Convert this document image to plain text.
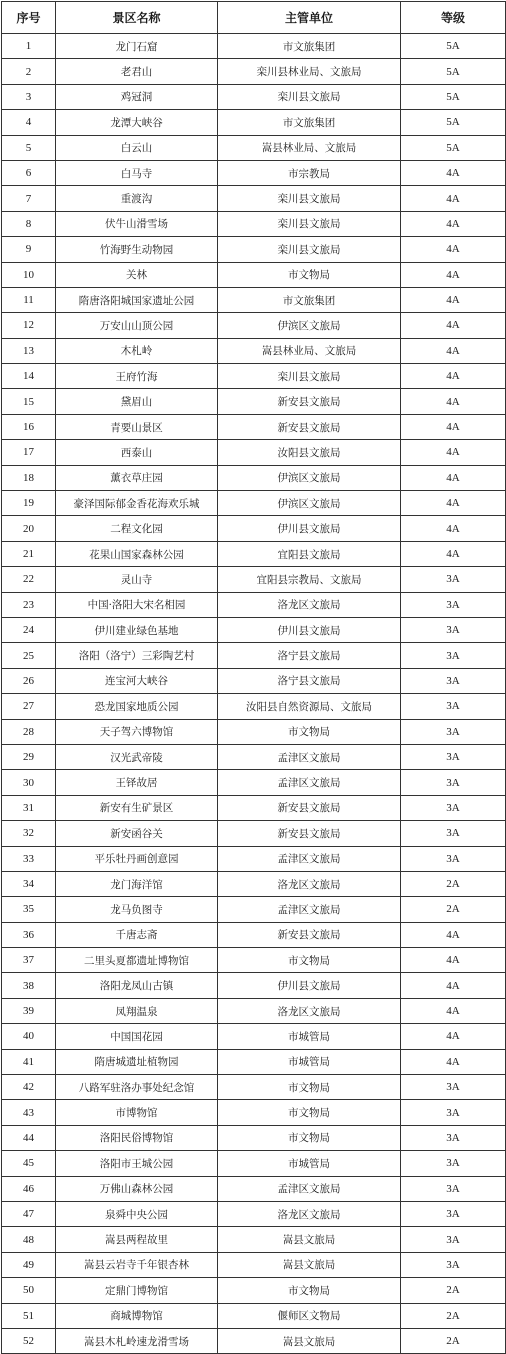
序号	景区名称	主管单位	等级
1	龙门石窟	市文旅集团	5A
2	老君山	栾川县林业局、文旅局	5A
3	鸡冠洞	栾川县文旅局	5A
4	龙潭大峡谷	市文旅集团	5A
5	白云山	嵩县林业局、文旅局	5A
6	白马寺	市宗教局	4A
7	重渡沟	栾川县文旅局	4A
8	伏牛山滑雪场	栾川县文旅局	4A
9	竹海野生动物园	栾川县文旅局	4A
10	关林	市文物局	4A
11	隋唐洛阳城国家遗址公园	市文旅集团	4A
12	万安山山顶公园	伊滨区文旅局	4A
13	木札岭	嵩县林业局、文旅局	4A
14	王府竹海	栾川县文旅局	4A
15	黛眉山	新安县文旅局	4A
16	青要山景区	新安县文旅局	4A
17	西泰山	汝阳县文旅局	4A
18	薰衣草庄园	伊滨区文旅局	4A
19	豪泽国际郁金香花海欢乐城	伊滨区文旅局	4A
20	二程文化园	伊川县文旅局	4A
21	花果山国家森林公园	宜阳县文旅局	4A
22	灵山寺	宜阳县宗教局、文旅局	3A
23	中国·洛阳大宋名相园	洛龙区文旅局	3A
24	伊川建业绿色基地	伊川县文旅局	3A
25	洛阳（洛宁）三彩陶艺村	洛宁县文旅局	3A
26	连宝河大峡谷	洛宁县文旅局	3A
27	恐龙国家地质公园	汝阳县自然资源局、文旅局	3A
28	天子驾六博物馆	市文物局	3A
29	汉光武帝陵	孟津区文旅局	3A
30	王铎故居	孟津区文旅局	3A
31	新安有生矿景区	新安县文旅局	3A
32	新安函谷关	新安县文旅局	3A
33	平乐牡丹画创意园	孟津区文旅局	3A
34	龙门海洋馆	洛龙区文旅局	2A
35	龙马负图寺	孟津区文旅局	2A
36	千唐志斋	新安县文旅局	4A
37	二里头夏都遗址博物馆	市文物局	4A
38	洛阳龙凤山古镇	伊川县文旅局	4A
39	凤翔温泉	洛龙区文旅局	4A
40	中国国花园	市城管局	4A
41	隋唐城遗址植物园	市城管局	4A
42	八路军驻洛办事处纪念馆	市文物局	3A
43	市博物馆	市文物局	3A
44	洛阳民俗博物馆	市文物局	3A
45	洛阳市王城公园	市城管局	3A
46	万佛山森林公园	孟津区文旅局	3A
47	泉舜中央公园	洛龙区文旅局	3A
48	嵩县两程故里	嵩县文旅局	3A
49	嵩县云岩寺千年银杏林	嵩县文旅局	3A
50	定鼎门博物馆	市文物局	2A
51	商城博物馆	偃师区文物局	2A
52	嵩县木札岭速龙滑雪场	嵩县文旅局	2A
